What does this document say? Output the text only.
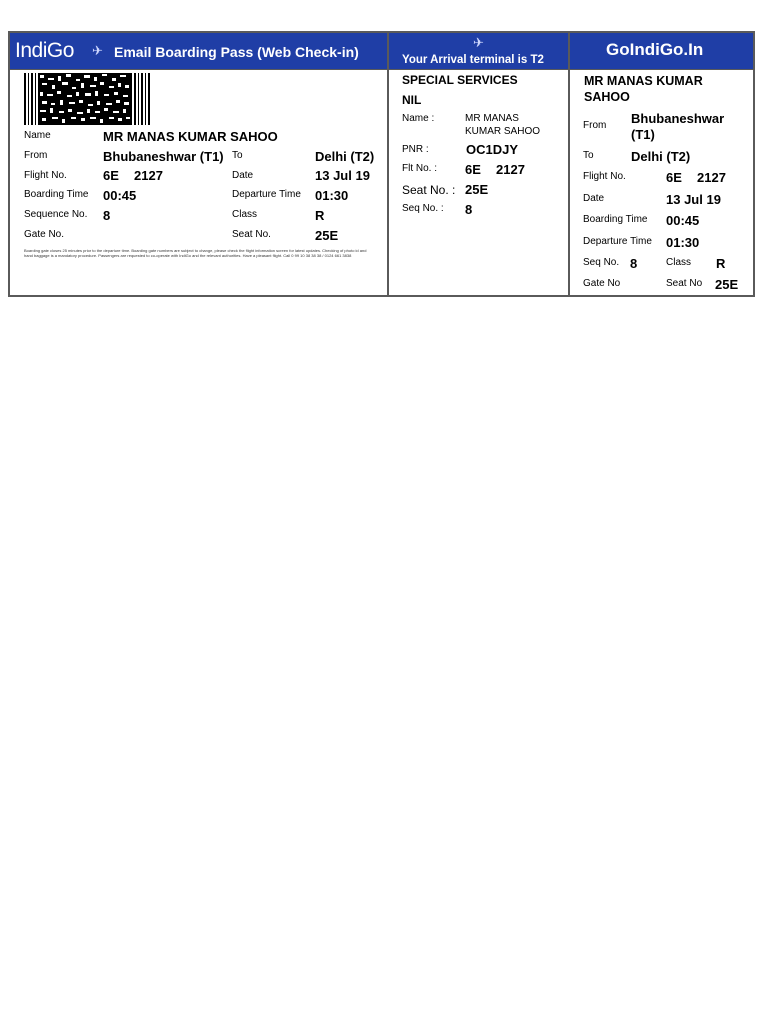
IndiGo ✈ Email Boarding Pass (Web Check-in)
✈
Your Arrival terminal is T2
GoIndiGo.In
Name	MR MANAS KUMAR SAHOO
From	Bhubaneshwar (T1) To	Delhi (T2)
Flight No.	6E 2127	Date	13 Jul 19
Boarding Time 00:45	Departure Time 01:30
Sequence No. 8	Class	R
Gate No.	Seat No.	25E
Boarding gate closes 25 minutes prior to the departure time. Boarding gate numbers are subject to change, please check the flight information screen for latest updates. Checking of photo id and hand baggage is a mandatory procedure. Passengers are requested to co-operate with IndiGo and the relevant authorities. Have a pleasant flight. Call 0 99 10 38 38 38 / 0124 661 3838
SPECIAL SERVICES
NIL
Name :	MR MANAS
KUMAR SAHOO
PNR :	OC1DJY
Flt No. : 6E 2127
Seat No. : 25E
Seq No. : 8
MR MANAS KUMAR
SAHOO
From Bhubaneshwar
(T1)
To	Delhi (T2)
Flight No.	6E 2127
Date	13 Jul 19
Boarding Time 00:45
Departure Time 01:30
Seq No. 8	Class R
Gate No	Seat No 25E
